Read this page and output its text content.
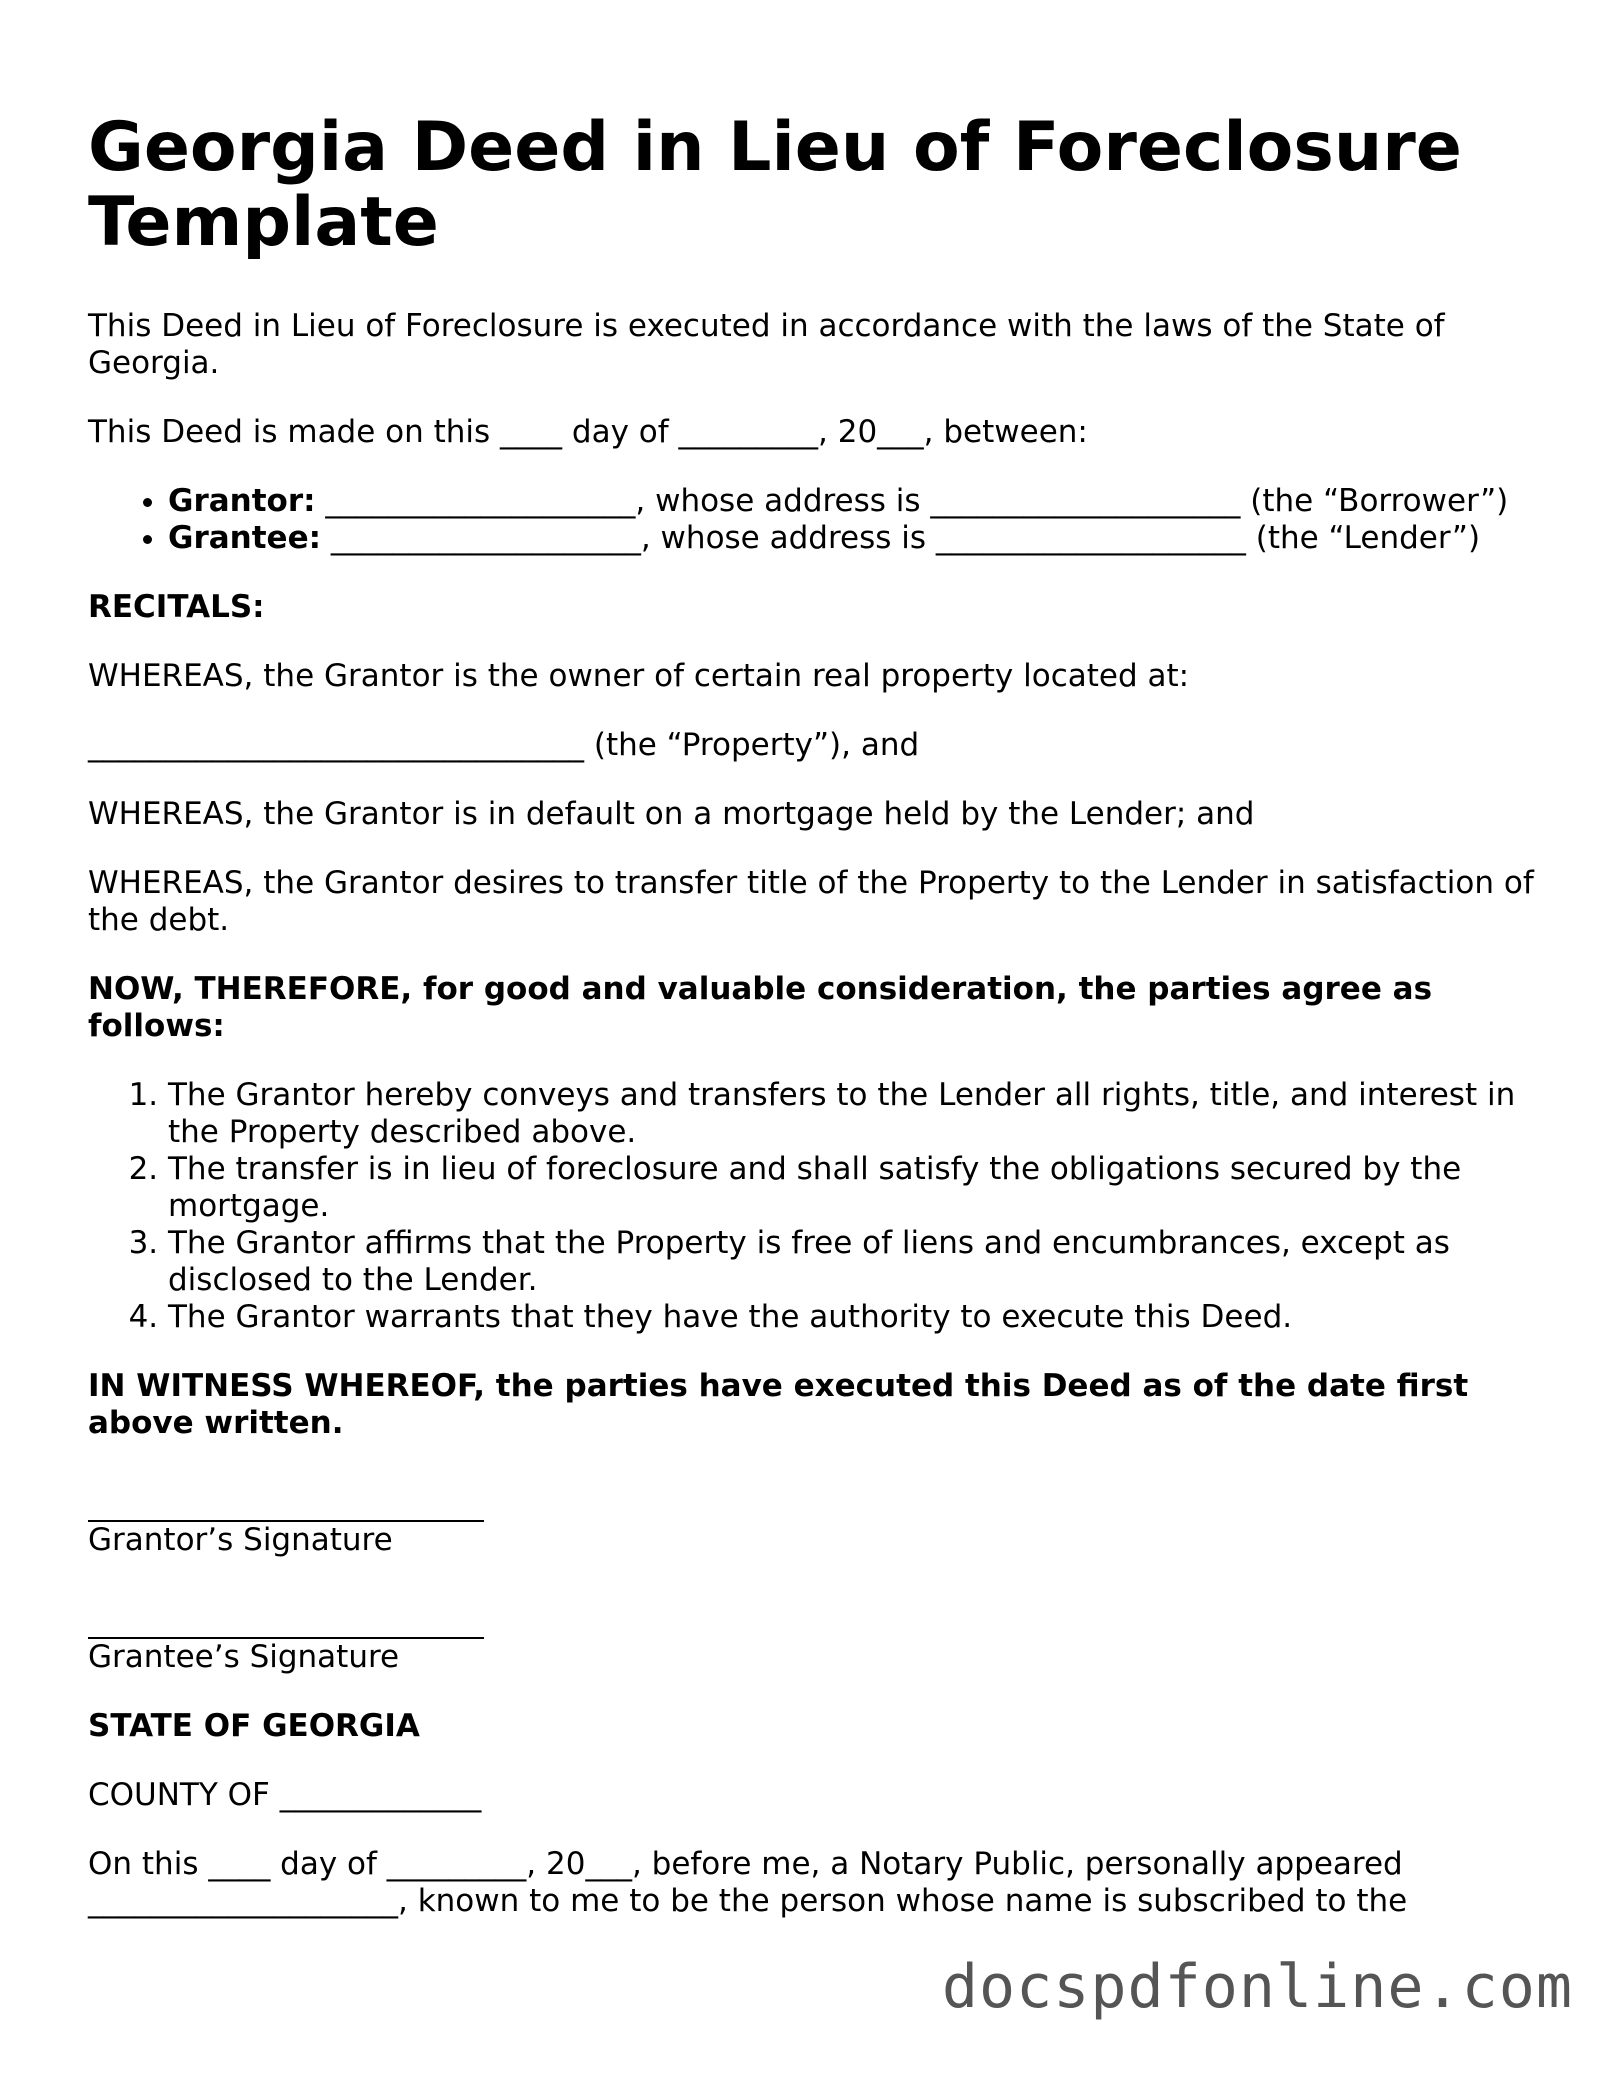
Georgia Deed in Lieu of Foreclosure Template

This Deed in Lieu of Foreclosure is executed in accordance with the laws of the State of Georgia.

This Deed is made on this ____ day of _________, 20___, between:

• Grantor: ____________________, whose address is ____________________ (the “Borrower”)
• Grantee: ____________________, whose address is ____________________ (the “Lender”)

RECITALS:

WHEREAS, the Grantor is the owner of certain real property located at:

________________________________ (the “Property”), and

WHEREAS, the Grantor is in default on a mortgage held by the Lender; and

WHEREAS, the Grantor desires to transfer title of the Property to the Lender in satisfaction of the debt.

NOW, THEREFORE, for good and valuable consideration, the parties agree as follows:

1. The Grantor hereby conveys and transfers to the Lender all rights, title, and interest in the Property described above.
2. The transfer is in lieu of foreclosure and shall satisfy the obligations secured by the mortgage.
3. The Grantor affirms that the Property is free of liens and encumbrances, except as disclosed to the Lender.
4. The Grantor warrants that they have the authority to execute this Deed.

IN WITNESS WHEREOF, the parties have executed this Deed as of the date first above written.

Grantor’s Signature
Grantee’s Signature

STATE OF GEORGIA

COUNTY OF _____________

On this ____ day of _________, 20___, before me, a Notary Public, personally appeared ____________________, known to me to be the person whose name is subscribed to the

docspdfonline.com
